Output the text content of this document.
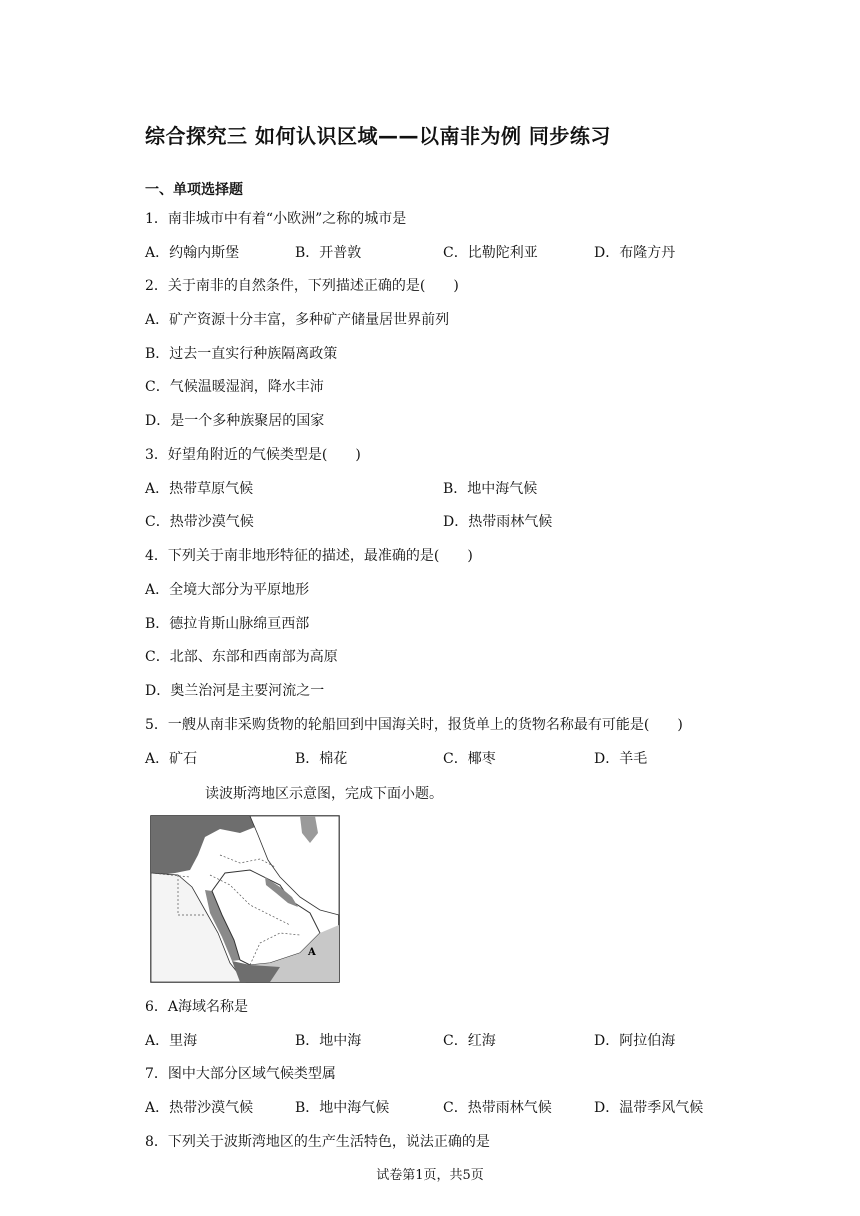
综合探究三 如何认识区域——以南非为例 同步练习
一、单项选择题
1．南非城市中有着“小欧洲”之称的城市是
A．约翰内斯堡	B．开普敦	C．比勒陀利亚	D．布隆方丹
2．关于南非的自然条件，下列描述正确的是(　　)
A．矿产资源十分丰富，多种矿产储量居世界前列
B．过去一直实行种族隔离政策
C．气候温暖湿润，降水丰沛
D．是一个多种族聚居的国家
3．好望角附近的气候类型是(　　)
A．热带草原气候	B．地中海气候
C．热带沙漠气候	D．热带雨林气候
4．下列关于南非地形特征的描述，最准确的是(　　)
A．全境大部分为平原地形
B．德拉肯斯山脉绵亘西部
C．北部、东部和西南部为高原
D．奥兰治河是主要河流之一
5．一艘从南非采购货物的轮船回到中国海关时，报货单上的货物名称最有可能是(　　)
A．矿石	B．棉花	C．椰枣	D．羊毛
读波斯湾地区示意图，完成下面小题。
A
6．A海域名称是
A．里海	B．地中海	C．红海	D．阿拉伯海
7．图中大部分区域气候类型属
A．热带沙漠气候	B．地中海气候	C．热带雨林气候	D．温带季风气候
8．下列关于波斯湾地区的生产生活特色，说法正确的是
试卷第1页，共5页
